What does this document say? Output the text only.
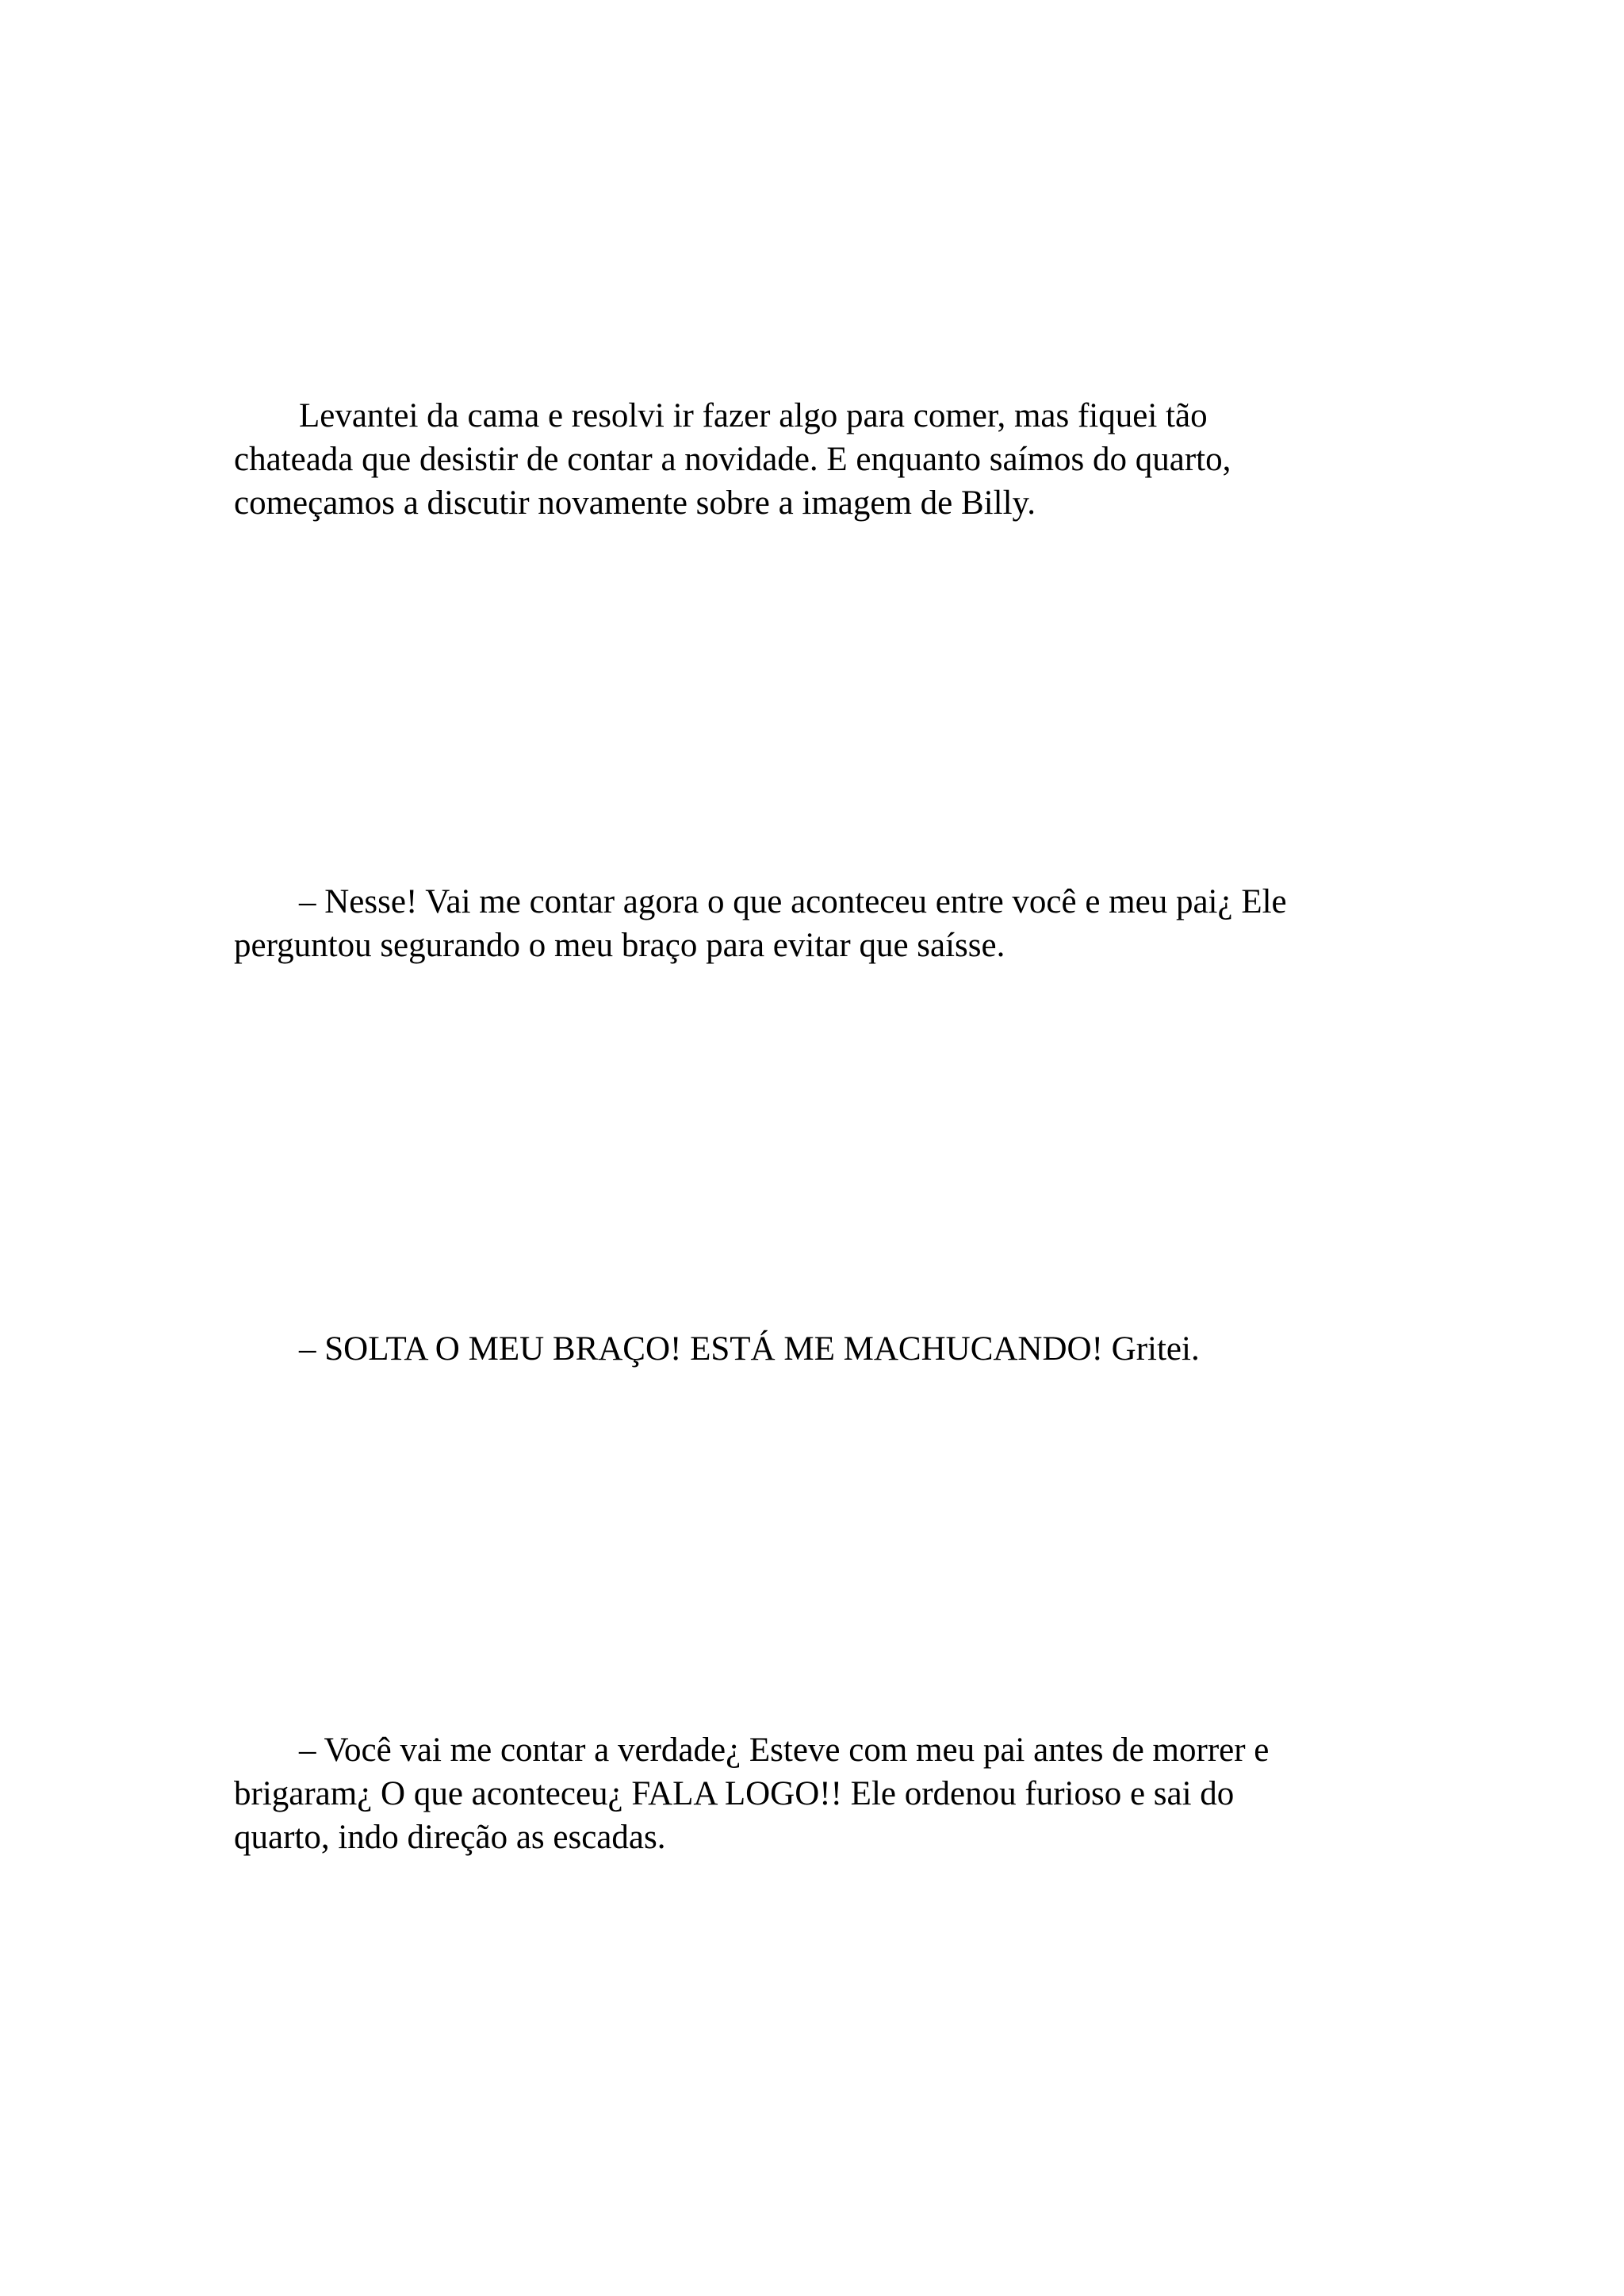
Levantei da cama e resolvi ir fazer algo para comer, mas fiquei tão
chateada que desistir de contar a novidade. E enquanto saímos do quarto,
começamos a discutir novamente sobre a imagem de Billy.

– Nesse! Vai me contar agora o que aconteceu entre você e meu pai¿ Ele
perguntou segurando o meu braço para evitar que saísse.

– SOLTA O MEU BRAÇO! ESTÁ ME MACHUCANDO! Gritei.

– Você vai me contar a verdade¿ Esteve com meu pai antes de morrer e
brigaram¿ O que aconteceu¿ FALA LOGO!! Ele ordenou furioso e sai do
quarto, indo direção as escadas.
